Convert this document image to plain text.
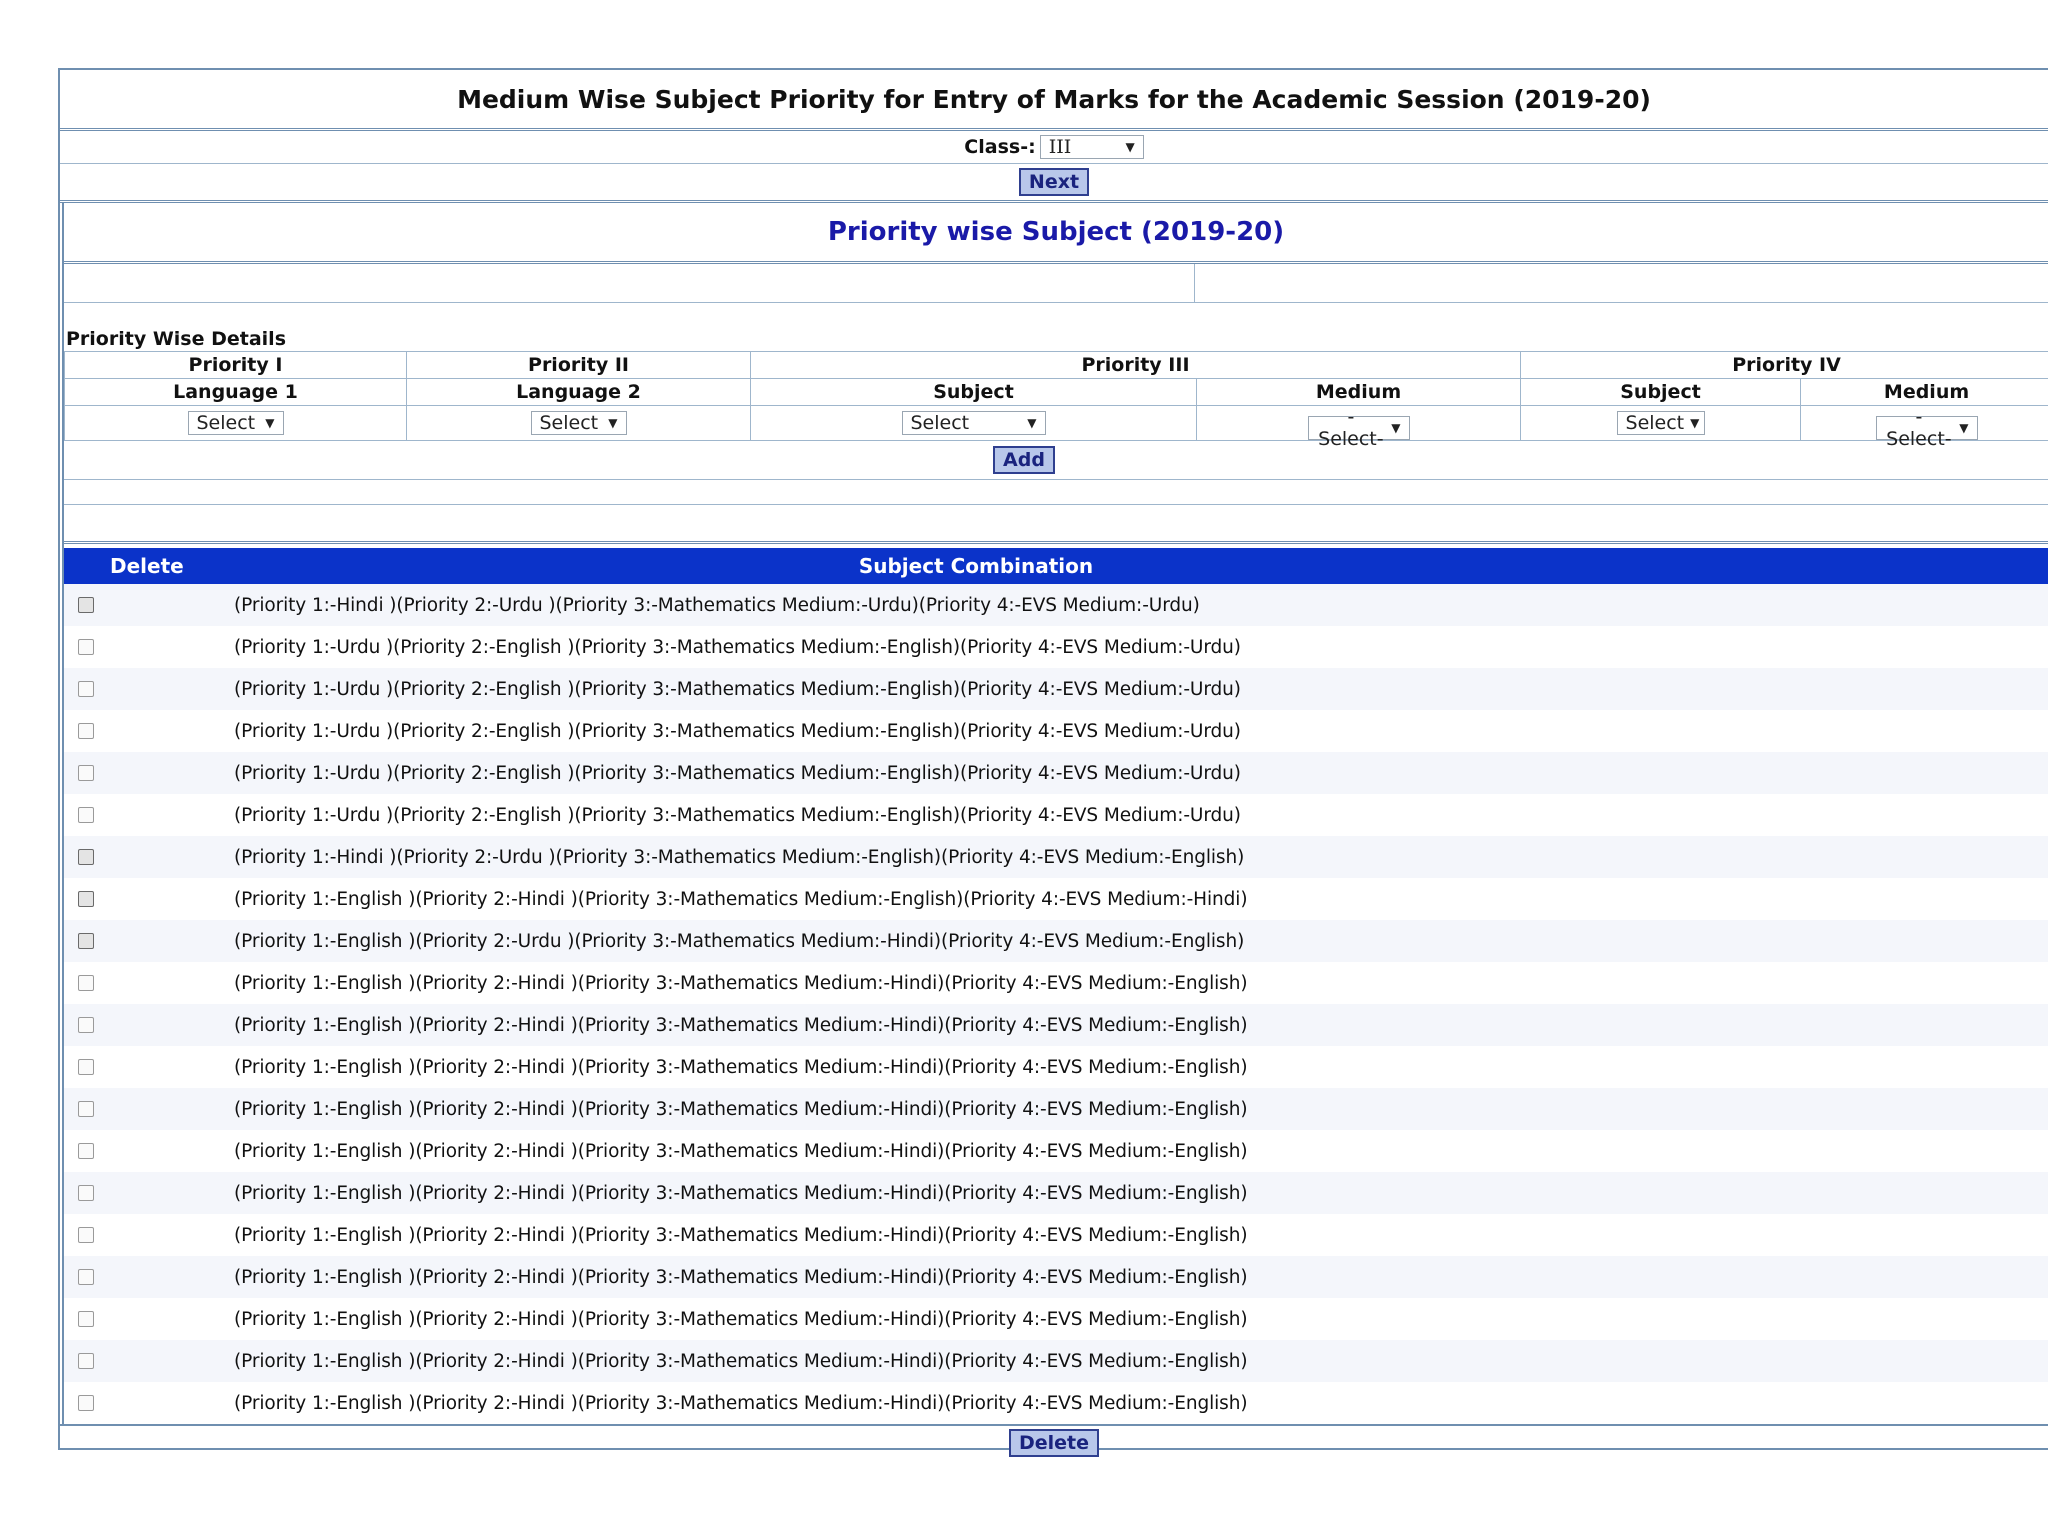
Medium Wise Subject Priority for Entry of Marks for the Academic Session (2019-20)
Class-: III	▼
Next
Priority wise Subject (2019-20)
Priority Wise Details
Priority I	Priority II	Priority III		Priority IV	
Language 1	Language 2	Subject	Medium	Subject	Medium

Select ▼	Select ▼	Select ▼	-Select- ▼	Select ▼	-Select- ▼
Add
Delete	Subject Combination
(Priority 1:-Hindi )(Priority 2:-Urdu )(Priority 3:-Mathematics Medium:-Urdu)(Priority 4:-EVS Medium:-Urdu)
(Priority 1:-Urdu )(Priority 2:-English )(Priority 3:-Mathematics Medium:-English)(Priority 4:-EVS Medium:-Urdu)
(Priority 1:-Urdu )(Priority 2:-English )(Priority 3:-Mathematics Medium:-English)(Priority 4:-EVS Medium:-Urdu)
(Priority 1:-Urdu )(Priority 2:-English )(Priority 3:-Mathematics Medium:-English)(Priority 4:-EVS Medium:-Urdu)
(Priority 1:-Urdu )(Priority 2:-English )(Priority 3:-Mathematics Medium:-English)(Priority 4:-EVS Medium:-Urdu)
(Priority 1:-Urdu )(Priority 2:-English )(Priority 3:-Mathematics Medium:-English)(Priority 4:-EVS Medium:-Urdu)
(Priority 1:-Hindi )(Priority 2:-Urdu )(Priority 3:-Mathematics Medium:-English)(Priority 4:-EVS Medium:-English)
(Priority 1:-English )(Priority 2:-Hindi )(Priority 3:-Mathematics Medium:-English)(Priority 4:-EVS Medium:-Hindi)
(Priority 1:-English )(Priority 2:-Urdu )(Priority 3:-Mathematics Medium:-Hindi)(Priority 4:-EVS Medium:-English)
(Priority 1:-English )(Priority 2:-Hindi )(Priority 3:-Mathematics Medium:-Hindi)(Priority 4:-EVS Medium:-English)
(Priority 1:-English )(Priority 2:-Hindi )(Priority 3:-Mathematics Medium:-Hindi)(Priority 4:-EVS Medium:-English)
(Priority 1:-English )(Priority 2:-Hindi )(Priority 3:-Mathematics Medium:-Hindi)(Priority 4:-EVS Medium:-English)
(Priority 1:-English )(Priority 2:-Hindi )(Priority 3:-Mathematics Medium:-Hindi)(Priority 4:-EVS Medium:-English)
(Priority 1:-English )(Priority 2:-Hindi )(Priority 3:-Mathematics Medium:-Hindi)(Priority 4:-EVS Medium:-English)
(Priority 1:-English )(Priority 2:-Hindi )(Priority 3:-Mathematics Medium:-Hindi)(Priority 4:-EVS Medium:-English)
(Priority 1:-English )(Priority 2:-Hindi )(Priority 3:-Mathematics Medium:-Hindi)(Priority 4:-EVS Medium:-English)
(Priority 1:-English )(Priority 2:-Hindi )(Priority 3:-Mathematics Medium:-Hindi)(Priority 4:-EVS Medium:-English)
(Priority 1:-English )(Priority 2:-Hindi )(Priority 3:-Mathematics Medium:-Hindi)(Priority 4:-EVS Medium:-English)
(Priority 1:-English )(Priority 2:-Hindi )(Priority 3:-Mathematics Medium:-Hindi)(Priority 4:-EVS Medium:-English)
(Priority 1:-English )(Priority 2:-Hindi )(Priority 3:-Mathematics Medium:-Hindi)(Priority 4:-EVS Medium:-English)
Delete
